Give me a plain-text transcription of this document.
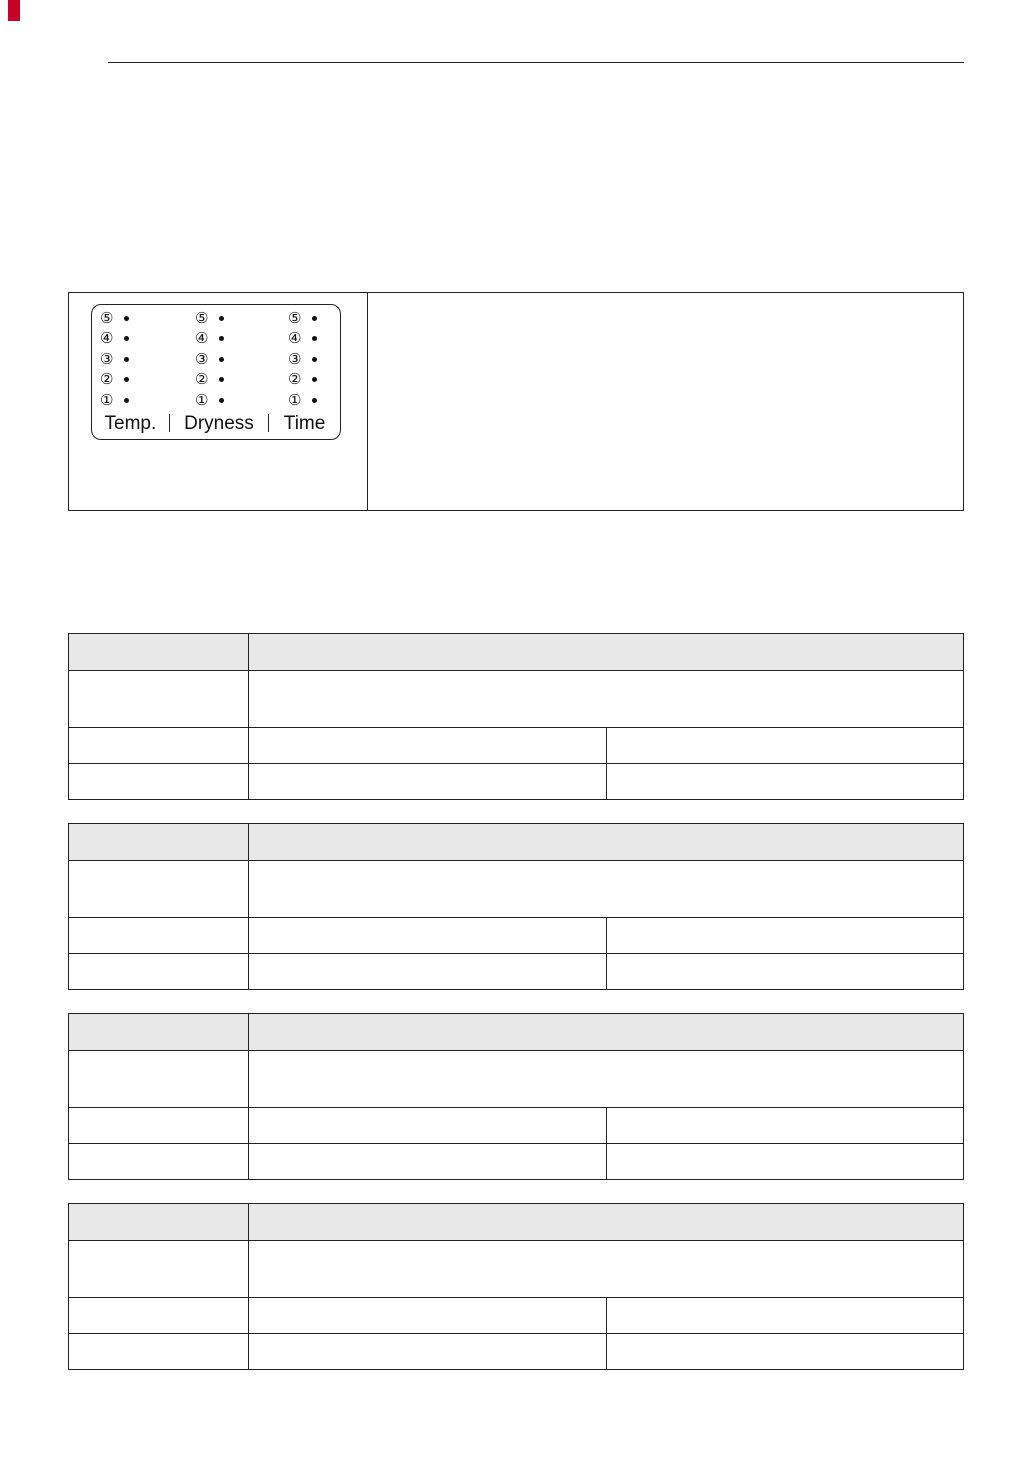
⑤
④
③
②
①
⑤
④
③
②
①
⑤
④
③
②
①
Temp.	Dryness	Time
